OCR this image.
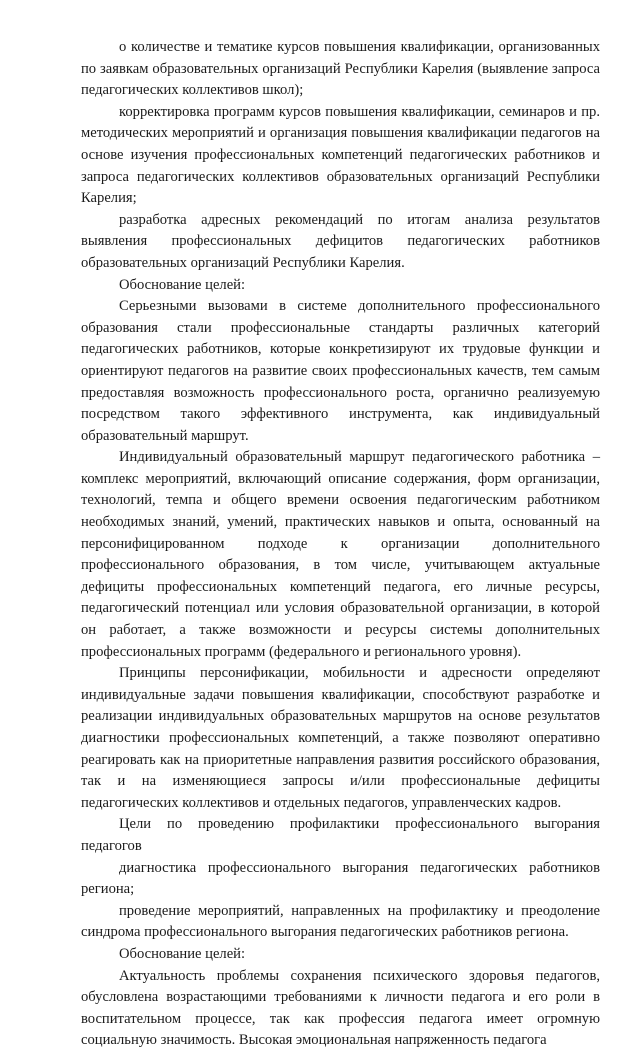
о количестве и тематике курсов повышения квалификации, организованных по заявкам образовательных организаций Республики Карелия (выявление запроса педагогических коллективов школ);

корректировка программ курсов повышения квалификации, семинаров и пр. методических мероприятий и организация повышения квалификации педагогов на основе изучения профессиональных компетенций педагогических работников и запроса педагогических коллективов образовательных организаций Республики Карелия;

разработка адресных рекомендаций по итогам анализа результатов выявления профессиональных дефицитов педагогических работников образовательных организаций Республики Карелия.

Обоснование целей:

Серьезными вызовами в системе дополнительного профессионального образования стали профессиональные стандарты различных категорий педагогических работников, которые конкретизируют их трудовые функции и ориентируют педагогов на развитие своих профессиональных качеств, тем самым предоставляя возможность профессионального роста, органично реализуемую посредством такого эффективного инструмента, как индивидуальный образовательный маршрут.

Индивидуальный образовательный маршрут педагогического работника – комплекс мероприятий, включающий описание содержания, форм организации, технологий, темпа и общего времени освоения педагогическим работником необходимых знаний, умений, практических навыков и опыта, основанный на персонифицированном подходе к организации дополнительного профессионального образования, в том числе, учитывающем актуальные дефициты профессиональных компетенций педагога, его личные ресурсы, педагогический потенциал или условия образовательной организации, в которой он работает, а также возможности и ресурсы системы дополнительных профессиональных программ (федерального и регионального уровня).

Принципы персонификации, мобильности и адресности определяют индивидуальные задачи повышения квалификации, способствуют разработке и реализации индивидуальных образовательных маршрутов на основе результатов диагностики профессиональных компетенций, а также позволяют оперативно реагировать как на приоритетные направления развития российского образования, так и на изменяющиеся запросы и/или профессиональные дефициты педагогических коллективов и отдельных педагогов, управленческих кадров.

Цели по проведению профилактики профессионального выгорания педагогов

диагностика профессионального выгорания педагогических работников региона;

проведение мероприятий, направленных на профилактику и преодоление синдрома профессионального выгорания педагогических работников региона.

Обоснование целей:

Актуальность проблемы сохранения психического здоровья педагогов, обусловлена возрастающими требованиями к личности педагога и его роли в воспитательном процессе, так как профессия педагога имеет огромную социальную значимость. Высокая эмоциональная напряженность педагога
